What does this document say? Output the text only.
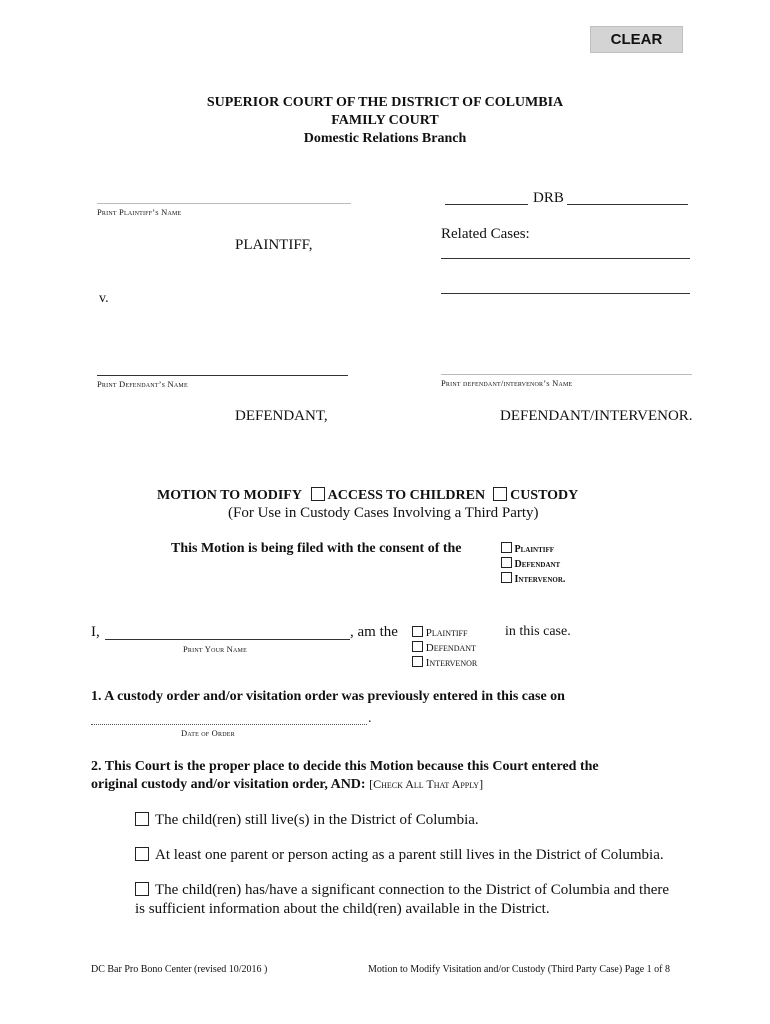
CLEAR
SUPERIOR COURT OF THE DISTRICT OF COLUMBIA
FAMILY COURT
Domestic Relations Branch
Print Plaintiff’s Name
PLAINTIFF,
DRB
Related Cases:
v.
Print Defendant’s Name	Print defendant/intervenor’s Name
DEFENDANT,	DEFENDANT/INTERVENOR.
MOTION TO MODIFY ACCESS TO CHILDREN CUSTODY
(For Use in Custody Cases Involving a Third Party)
This Motion is being filed with the consent of the	Plaintiff
Defendant
Intervenor.
I,	, am the
Print Your Name
Plaintiff
Defendant
Intervenor
in this case.
1. A custody order and/or visitation order was previously entered in this case on
.
Date of Order
2. This Court is the proper place to decide this Motion because this Court entered the
original custody and/or visitation order, AND: [Check All That Apply]
The child(ren) still live(s) in the District of Columbia.
At least one parent or person acting as a parent still lives in the District of Columbia.
The child(ren) has/have a significant connection to the District of Columbia and there
is sufficient information about the child(ren) available in the District.
DC Bar Pro Bono Center (revised 10/2016 )	Motion to Modify Visitation and/or Custody (Third Party Case) Page 1 of 8
